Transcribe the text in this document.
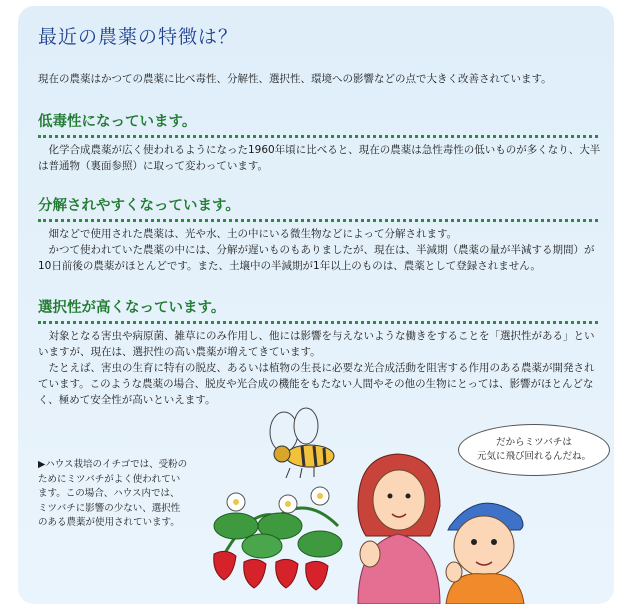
最近の農薬の特徴は？

現在の農薬はかつての農薬に比べ毒性、分解性、選択性、環境への影響などの点で大きく改善されています。

低毒性になっています。

化学合成農薬が広く使われるようになった1960年頃に比べると、現在の農薬は急性毒性の低いものが多くなり、大半は普通物（裏面参照）に取って変わっています。

分解されやすくなっています。

畑などで使用された農薬は、光や水、土の中にいる微生物などによって分解されます。

かつて使われていた農薬の中には、分解が遅いものもありましたが、現在は、半減期（農薬の量が半減する期間）が10日前後の農薬がほとんどです。また、土壌中の半減期が1年以上のものは、農薬として登録されません。

選択性が高くなっています。

対象となる害虫や病原菌、雑草にのみ作用し、他には影響を与えないような働きをすることを「選択性がある」といいますが、現在は、選択性の高い農薬が増えてきています。

たとえば、害虫の生育に特有の脱皮、あるいは植物の生長に必要な光合成活動を阻害する作用のある農薬が開発されています。このような農薬の場合、脱皮や光合成の機能をもたない人間やその他の生物にとっては、影響がほとんどなく、極めて安全性が高いといえます。

▶ハウス栽培のイチゴでは、受粉のためにミツバチがよく使われています。この場合、ハウス内では、ミツバチに影響の少ない、選択性のある農薬が使用されています。

だからミツバチは
元気に飛び回れるんだね。
